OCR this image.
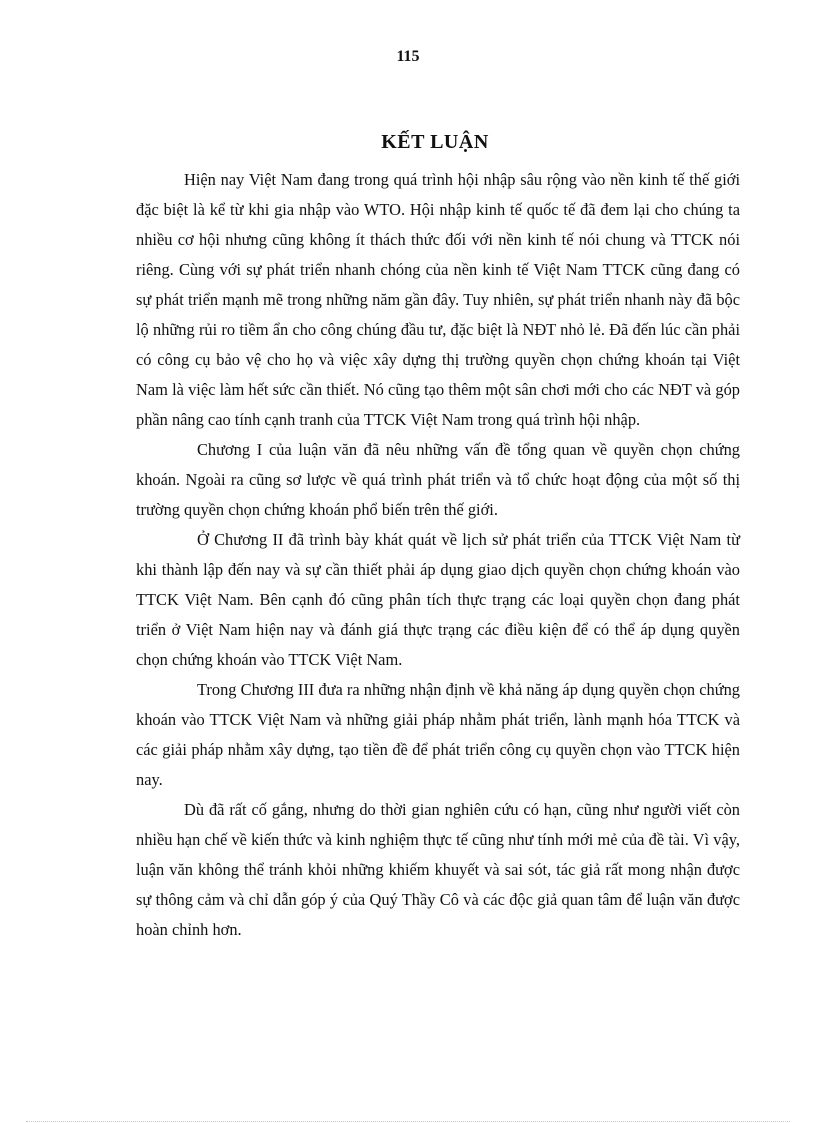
115
KẾT LUẬN

Hiện nay Việt Nam đang trong quá trình hội nhập sâu rộng vào nền kinh tế thế giới đặc biệt là kể từ khi gia nhập vào WTO. Hội nhập kinh tế quốc tế đã đem lại cho chúng ta nhiều cơ hội nhưng cũng không ít thách thức đối với nền kinh tế nói chung và TTCK nói riêng. Cùng với sự phát triển nhanh chóng của nền kinh tế Việt Nam TTCK cũng đang có sự phát triển mạnh mẽ trong những năm gần đây. Tuy nhiên, sự phát triển nhanh này đã bộc lộ những rủi ro tiềm ẩn cho công chúng đầu tư, đặc biệt là NĐT nhỏ lẻ. Đã đến lúc cần phải có công cụ bảo vệ cho họ và việc xây dựng thị trường quyền chọn chứng khoán tại Việt Nam là việc làm hết sức cần thiết. Nó cũng tạo thêm một sân chơi mới cho các NĐT và góp phần nâng cao tính cạnh tranh của TTCK Việt Nam trong quá trình hội nhập.

Chương I của luận văn đã nêu những vấn đề tổng quan về quyền chọn chứng khoán. Ngoài ra cũng sơ lược về quá trình phát triển và tổ chức hoạt động của một số thị trường quyền chọn chứng khoán phổ biến trên thế giới.

Ở Chương II đã trình bày khát quát về lịch sử phát triển của TTCK Việt Nam từ khi thành lập đến nay và sự cần thiết phải áp dụng giao dịch quyền chọn chứng khoán vào TTCK Việt Nam. Bên cạnh đó cũng phân tích thực trạng các loại quyền chọn đang phát triển ở Việt Nam hiện nay và đánh giá thực trạng các điều kiện để có thể áp dụng quyền chọn chứng khoán vào TTCK Việt Nam.

Trong Chương III đưa ra những nhận định về khả năng áp dụng quyền chọn chứng khoán vào TTCK Việt Nam và những giải pháp nhằm phát triển, lành mạnh hóa TTCK và các giải pháp nhằm xây dựng, tạo tiền đề để phát triển công cụ quyền chọn vào TTCK hiện nay.

Dù đã rất cố gắng, nhưng do thời gian nghiên cứu có hạn, cũng như người viết còn nhiều hạn chế về kiến thức và kinh nghiệm thực tế cũng như tính mới mẻ của đề tài. Vì vậy, luận văn không thể tránh khỏi những khiếm khuyết và sai sót, tác giả rất mong nhận được sự thông cảm và chỉ dẫn góp ý của Quý Thầy Cô và các độc giả quan tâm để luận văn được hoàn chỉnh hơn.
